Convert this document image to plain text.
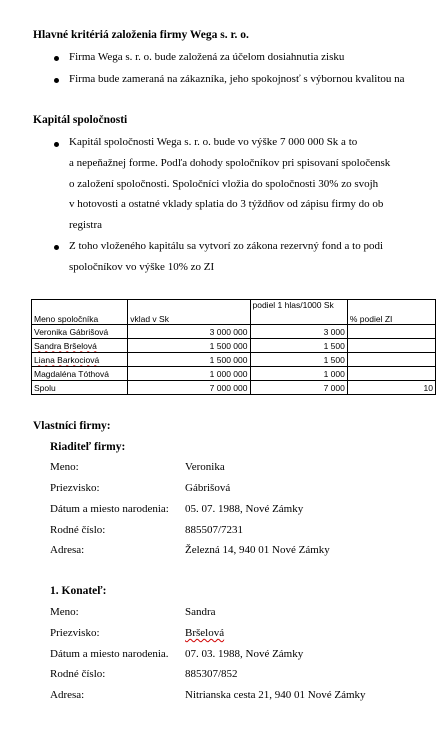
Hlavné kritériá založenia firmy Wega s. r. o.
Firma Wega s. r. o. bude založená za účelom dosiahnutia zisku
Firma bude zameraná na zákazníka, jeho spokojnosť s výbornou kvalitou na
Kapitál spoločnosti
Kapitál spoločnosti Wega s. r. o. bude vo výške 7 000 000 Sk a to
a nepeňažnej forme. Podľa dohody spoločníkov pri spisovaní spoločensk
o založení spoločnosti. Spoločníci vložia do spoločnosti 30% zo svojh
v hotovosti a ostatné vklady splatia do 3 týždňov od zápisu firmy do ob
registra
Z toho vloženého kapitálu sa vytvorí zo zákona rezervný fond a to podi
spoločníkov vo výške 10% zo ZI
Meno spoločníka	vklad v Sk	podiel 1 hlas/1000 Sk	% podiel ZI
Veronika Gábrišová	3 000 000	3 000	
Sandra Bršelová	1 500 000	1 500	
Liana Barkociová	1 500 000	1 500	
Magdaléna Tóthová	1 000 000	1 000	
Spolu	7 000 000	7 000	10
Vlastníci firmy:
Riaditeľ firmy:
Meno:	Veronika
Priezvisko:	Gábrišová
Dátum a miesto narodenia: 05. 07. 1988, Nové Zámky
Rodné číslo:	885507/7231
Adresa:	Železná 14, 940 01 Nové Zámky
1. Konateľ:
Meno:	Sandra
Priezvisko:	Bršelová
Dátum a miesto narodenia. 07. 03. 1988, Nové Zámky
Rodné číslo:	885307/852
Adresa:	Nitrianska cesta 21, 940 01 Nové Zámky
